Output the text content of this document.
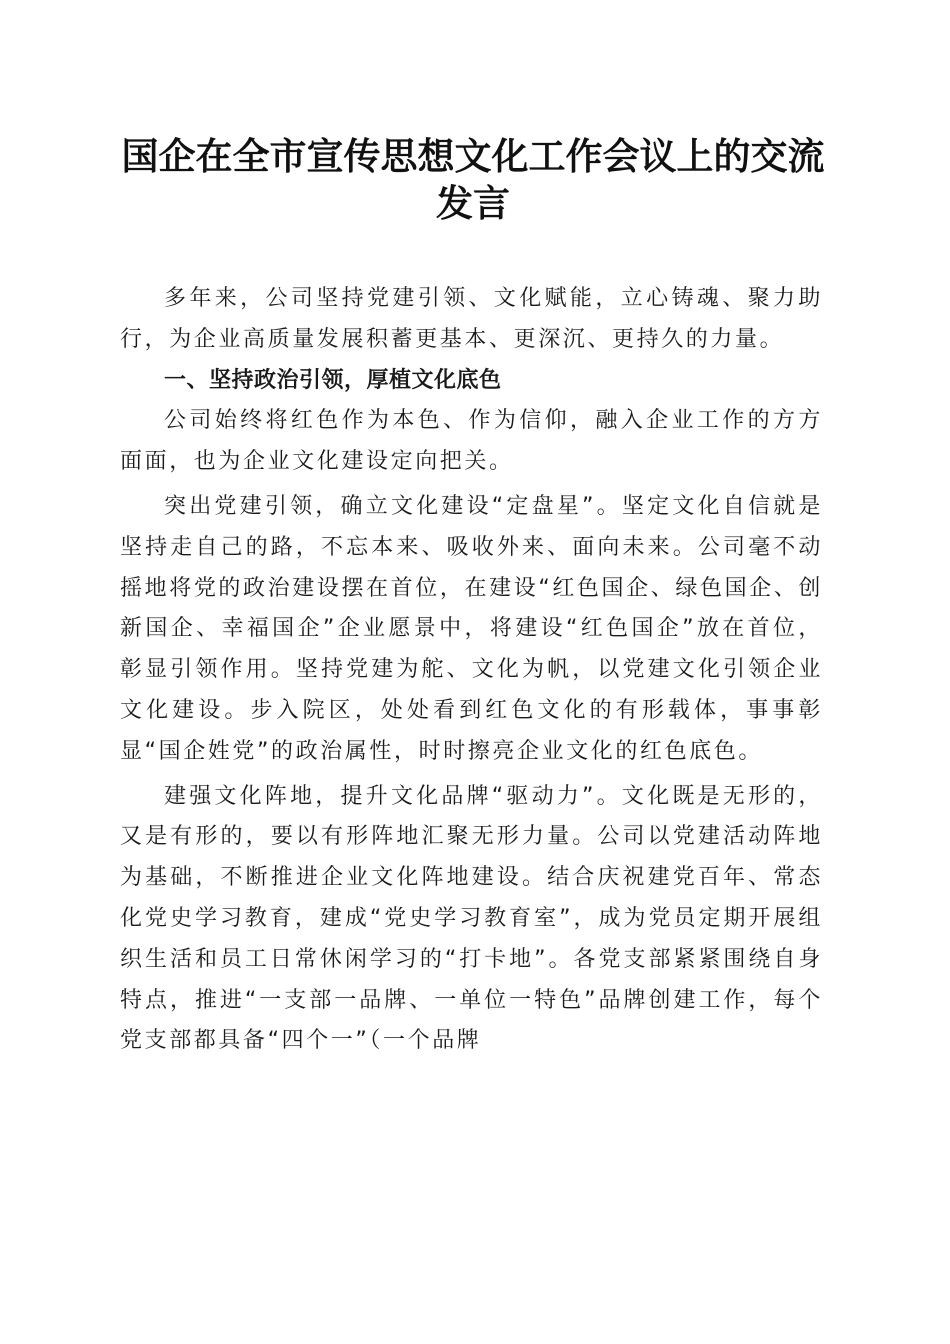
国企在全市宣传思想文化工作会议上的交流发言

多年来，公司坚持党建引领、文化赋能，立心铸魂、聚力助行，为企业高质量发展积蓄更基本、更深沉、更持久的力量。

一、坚持政治引领，厚植文化底色

公司始终将红色作为本色、作为信仰，融入企业工作的方方面面，也为企业文化建设定向把关。

突出党建引领，确立文化建设“定盘星”。坚定文化自信就是坚持走自己的路，不忘本来、吸收外来、面向未来。公司毫不动摇地将党的政治建设摆在首位，在建设“红色国企、绿色国企、创新国企、幸福国企”企业愿景中，将建设“红色国企”放在首位，彰显引领作用。坚持党建为舵、文化为帆，以党建文化引领企业文化建设。步入院区，处处看到红色文化的有形载体，事事彰显“国企姓党”的政治属性，时时擦亮企业文化的红色底色。

建强文化阵地，提升文化品牌“驱动力”。文化既是无形的，又是有形的，要以有形阵地汇聚无形力量。公司以党建活动阵地为基础，不断推进企业文化阵地建设。结合庆祝建党百年、常态化党史学习教育，建成“党史学习教育室”，成为党员定期开展组织生活和员工日常休闲学习的“打卡地”。各党支部紧紧围绕自身特点，推进“一支部一品牌、一单位一特色”品牌创建工作，每个党支部都具备“四个一”（一个品牌
